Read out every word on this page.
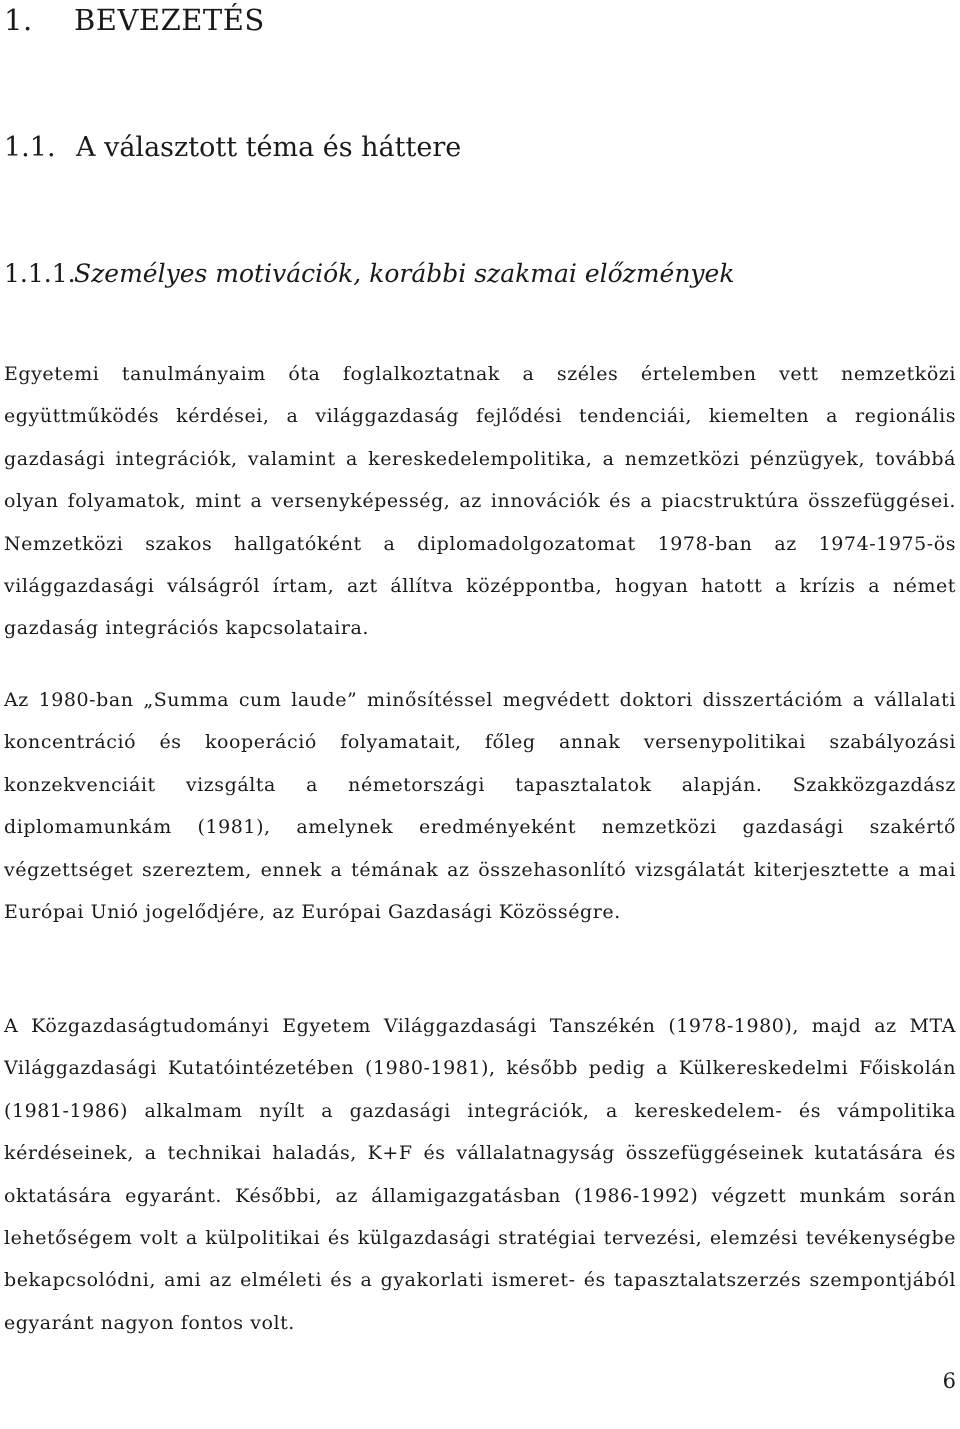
1. BEVEZETÉS
1.1. A választott téma és háttere
1.1.1.Személyes motivációk, korábbi szakmai előzmények

Egyetemi tanulmányaim óta foglalkoztatnak a széles értelemben vett nemzetközi együttműködés kérdései, a világgazdaság fejlődési tendenciái, kiemelten a regionális gazdasági integrációk, valamint a kereskedelempolitika, a nemzetközi pénzügyek, továbbá olyan folyamatok, mint a versenyképesség, az innovációk és a piacstruktúra összefüggései. Nemzetközi szakos hallgatóként a diplomadolgozatomat 1978-ban az 1974-1975-ös világgazdasági válságról írtam, azt állítva középpontba, hogyan hatott a krízis a német gazdaság integrációs kapcsolataira.

Az 1980-ban „Summa cum laude” minősítéssel megvédett doktori disszertációm a vállalati koncentráció és kooperáció folyamatait, főleg annak versenypolitikai szabályozási konzekvenciáit vizsgálta a németországi tapasztalatok alapján. Szakközgazdász diplomamunkám (1981), amelynek eredményeként nemzetközi gazdasági szakértő végzettséget szereztem, ennek a témának az összehasonlító vizsgálatát kiterjesztette a mai Európai Unió jogelődjére, az Európai Gazdasági Közösségre.

A Közgazdaságtudományi Egyetem Világgazdasági Tanszékén (1978-1980), majd az MTA Világgazdasági Kutatóintézetében (1980-1981), később pedig a Külkereskedelmi Főiskolán (1981-1986) alkalmam nyílt a gazdasági integrációk, a kereskedelem- és vámpolitika kérdéseinek, a technikai haladás, K+F és vállalatnagyság összefüggéseinek kutatására és oktatására egyaránt. Későbbi, az államigazgatásban (1986-1992) végzett munkám során lehetőségem volt a külpolitikai és külgazdasági stratégiai tervezési, elemzési tevékenységbe bekapcsolódni, ami az elméleti és a gyakorlati ismeret- és tapasztalatszerzés szempontjából egyaránt nagyon fontos volt.

6
